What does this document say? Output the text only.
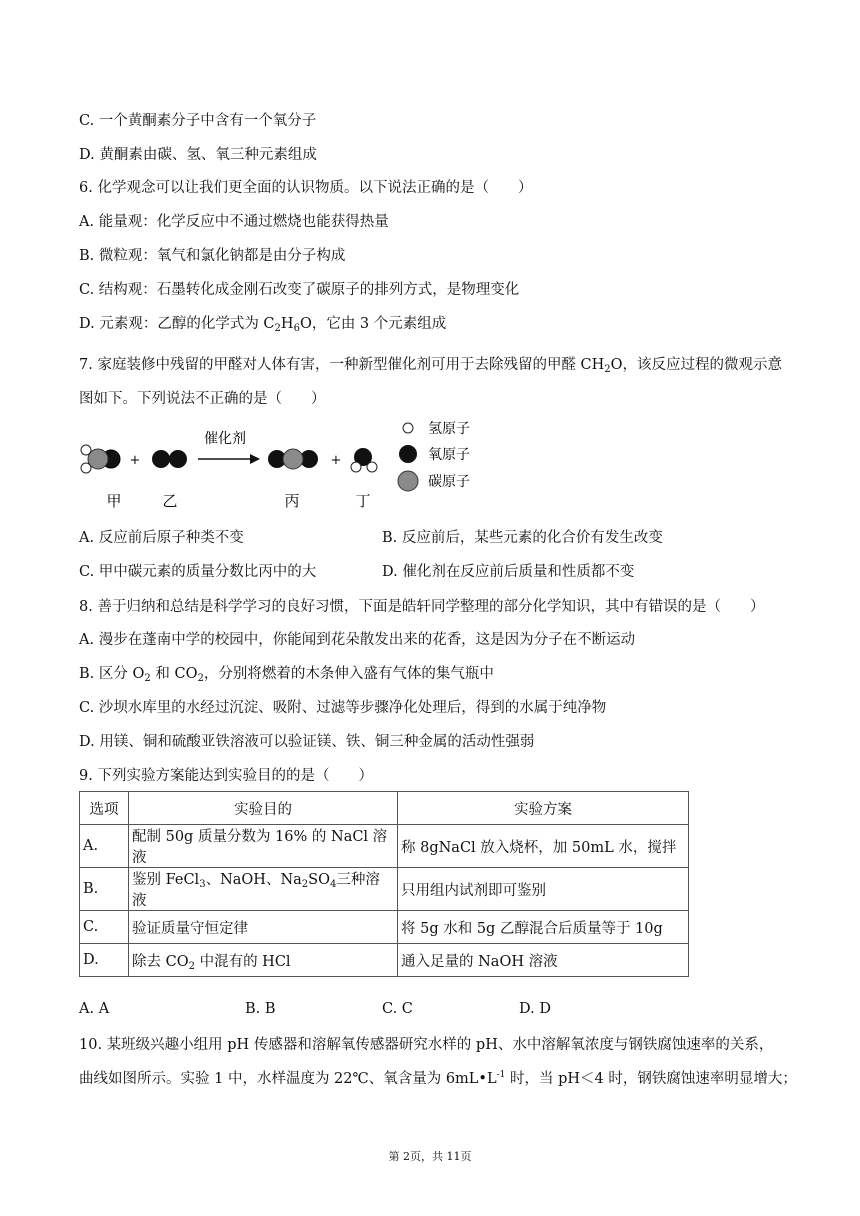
C. 一个黄酮素分子中含有一个氧分子
D. 黄酮素由碳、氢、氧三种元素组成
6. 化学观念可以让我们更全面的认识物质。以下说法正确的是（　　）
A. 能量观：化学反应中不通过燃烧也能获得热量
B. 微粒观：氧气和氯化钠都是由分子构成
C. 结构观：石墨转化成金刚石改变了碳原子的排列方式，是物理变化
D. 元素观：乙醇的化学式为 $C_2H_6O$，它由 3 个元素组成
7. 家庭装修中残留的甲醛对人体有害，一种新型催化剂可用于去除残留的甲醛 $CH_2O$，该反应过程的微观示意图如下。下列说法不正确的是（　　）
+
催化剂
+
甲	乙	丙	丁
氢原子
氧原子
碳原子
A. 反应前后原子种类不变	B. 反应前后，某些元素的化合价有发生改变
C. 甲中碳元素的质量分数比丙中的大	D. 催化剂在反应前后质量和性质都不变
8. 善于归纳和总结是科学学习的良好习惯，下面是皓轩同学整理的部分化学知识，其中有错误的是（　　）
A. 漫步在蓬南中学的校园中，你能闻到花朵散发出来的花香，这是因为分子在不断运动
B. 区分 $O_2$ 和 $CO_2$，分别将燃着的木条伸入盛有气体的集气瓶中
C. 沙坝水库里的水经过沉淀、吸附、过滤等步骤净化处理后，得到的水属于纯净物
D. 用镁、铜和硫酸亚铁溶液可以验证镁、铁、铜三种金属的活动性强弱
9. 下列实验方案能达到实验目的的是（　　）
选项	实验目的	实验方案
A.	配制 50g 质量分数为 16% 的 NaCl 溶液	称 8gNaCl 放入烧杯，加 50mL 水，搅拌
B.	鉴别 FeCl$_3$、NaOH、$Na_2SO_4$三种溶液	只用组内试剂即可鉴别
C.	验证质量守恒定律	将 5g 水和 5g 乙醇混合后质量等于 10g
D.	除去 $CO_2$ 中混有的 HCl	通入足量的 NaOH 溶液
A. A	B. B	C. C	D. D
10. 某班级兴趣小组用 pH 传感器和溶解氧传感器研究水样的 pH、水中溶解氧浓度与钢铁腐蚀速率的关系，
曲线如图所示。实验 1 中，水样温度为 22℃、氧含量为 $6mL•L^{-1}$ 时，当 pH＜4 时，钢铁腐蚀速率明显增大；
第 2页，共 11页
